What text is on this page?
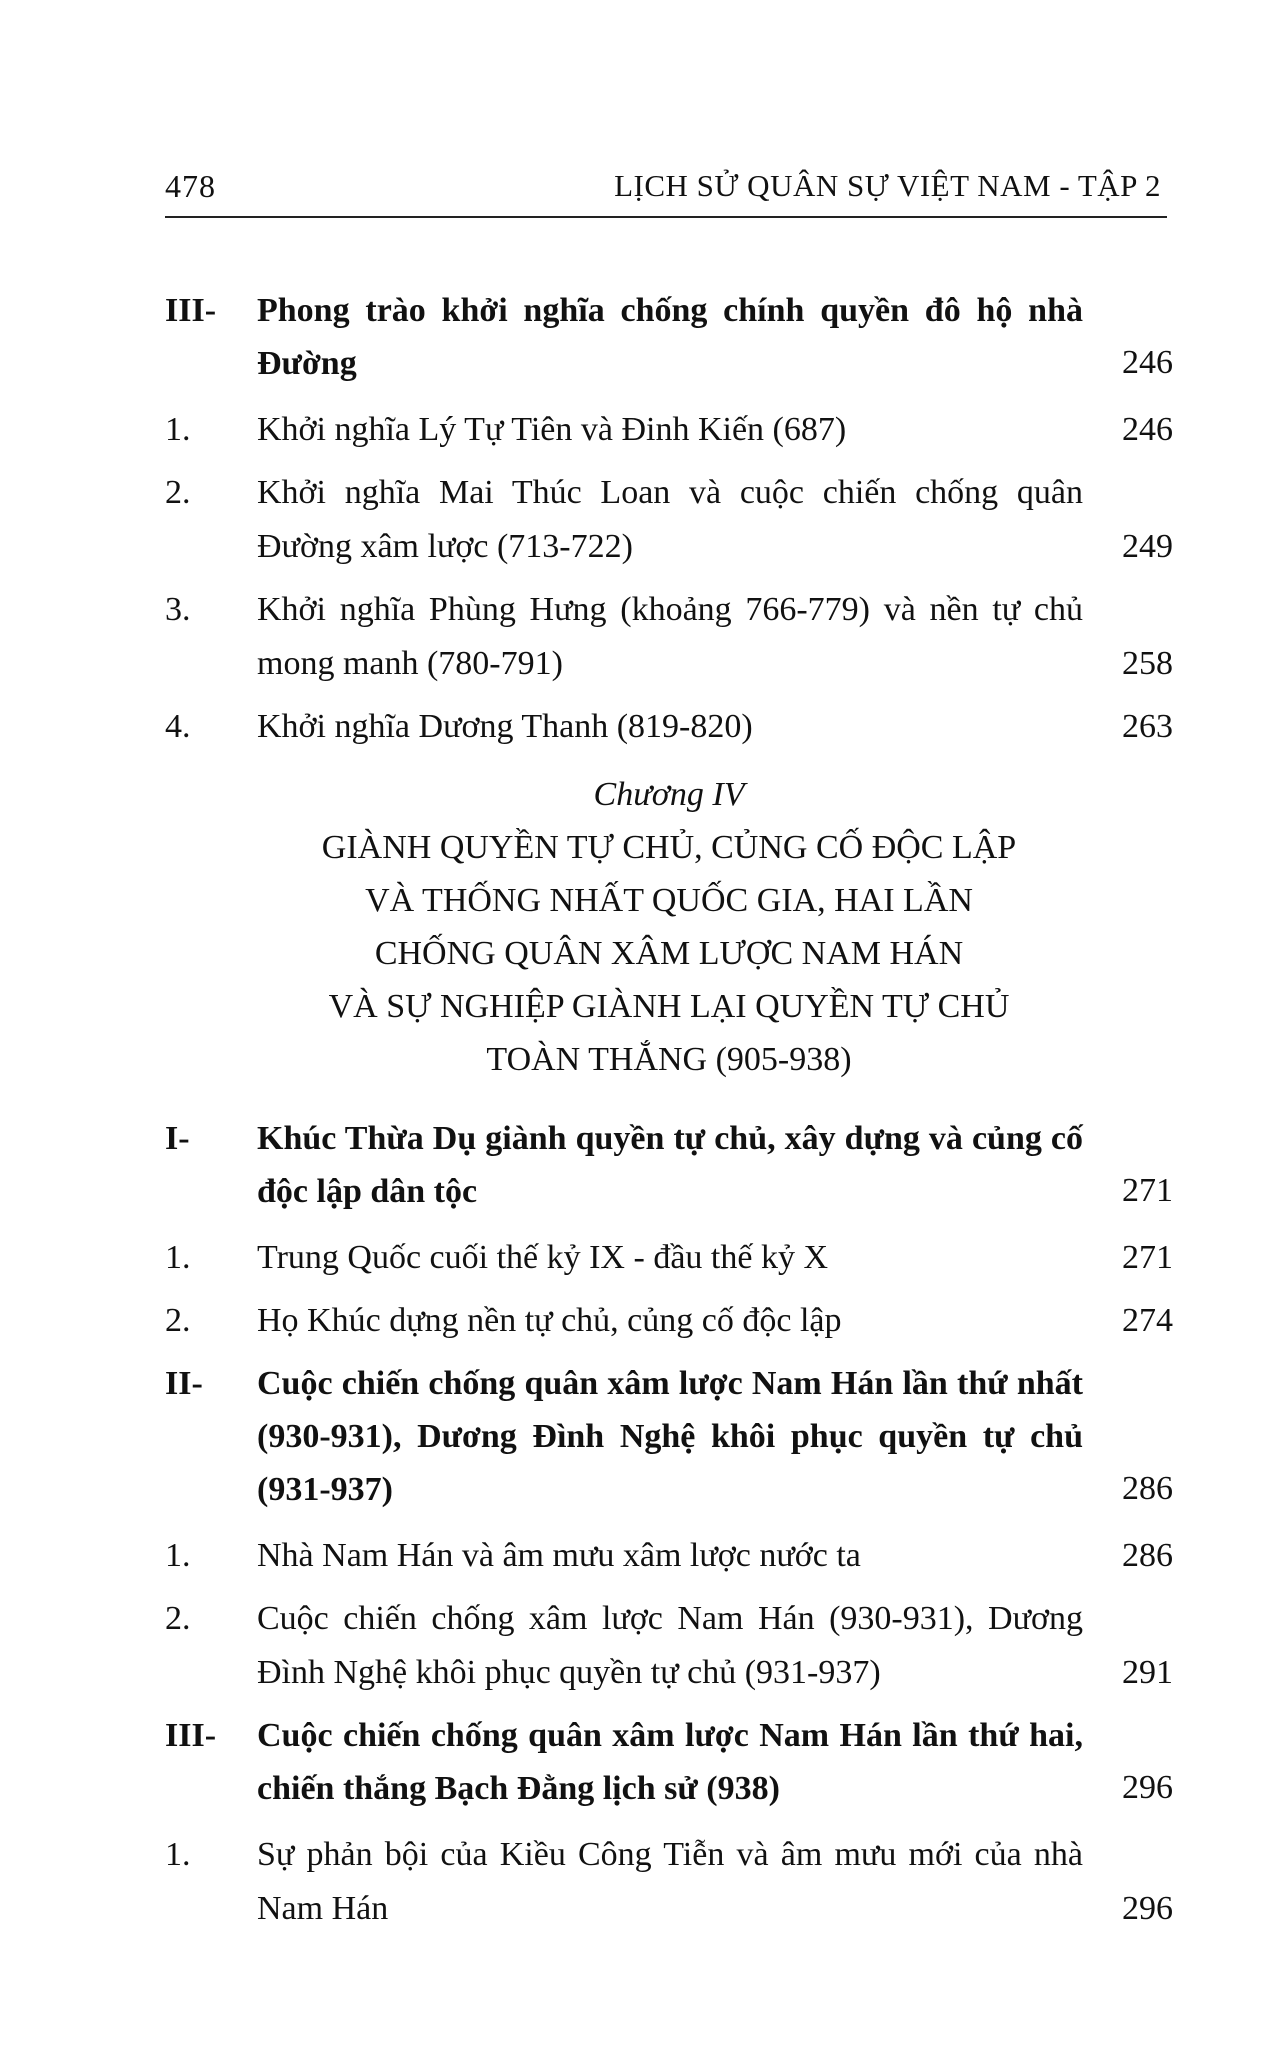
478	LỊCH SỬ QUÂN SỰ VIỆT NAM - TẬP 2
III- Phong trào khởi nghĩa chống chính quyền đô hộ nhà Đường	246
1. Khởi nghĩa Lý Tự Tiên và Đinh Kiến (687)	246
2. Khởi nghĩa Mai Thúc Loan và cuộc chiến chống quân Đường xâm lược (713-722)	249
3. Khởi nghĩa Phùng Hưng (khoảng 766-779) và nền tự chủ mong manh (780-791)	258
4. Khởi nghĩa Dương Thanh (819-820)	263
Chương IV
GIÀNH QUYỀN TỰ CHỦ, CỦNG CỐ ĐỘC LẬP
VÀ THỐNG NHẤT QUỐC GIA, HAI LẦN
CHỐNG QUÂN XÂM LƯỢC NAM HÁN
VÀ SỰ NGHIỆP GIÀNH LẠI QUYỀN TỰ CHỦ
TOÀN THẮNG (905-938)
I- Khúc Thừa Dụ giành quyền tự chủ, xây dựng và củng cố độc lập dân tộc	271
1. Trung Quốc cuối thế kỷ IX - đầu thế kỷ X	271
2. Họ Khúc dựng nền tự chủ, củng cố độc lập	274
II- Cuộc chiến chống quân xâm lược Nam Hán lần thứ nhất (930-931), Dương Đình Nghệ khôi phục quyền tự chủ (931-937)	286
1. Nhà Nam Hán và âm mưu xâm lược nước ta	286
2. Cuộc chiến chống xâm lược Nam Hán (930-931), Dương Đình Nghệ khôi phục quyền tự chủ (931-937)	291
III- Cuộc chiến chống quân xâm lược Nam Hán lần thứ hai, chiến thắng Bạch Đằng lịch sử (938)	296
1. Sự phản bội của Kiều Công Tiễn và âm mưu mới của nhà Nam Hán	296
